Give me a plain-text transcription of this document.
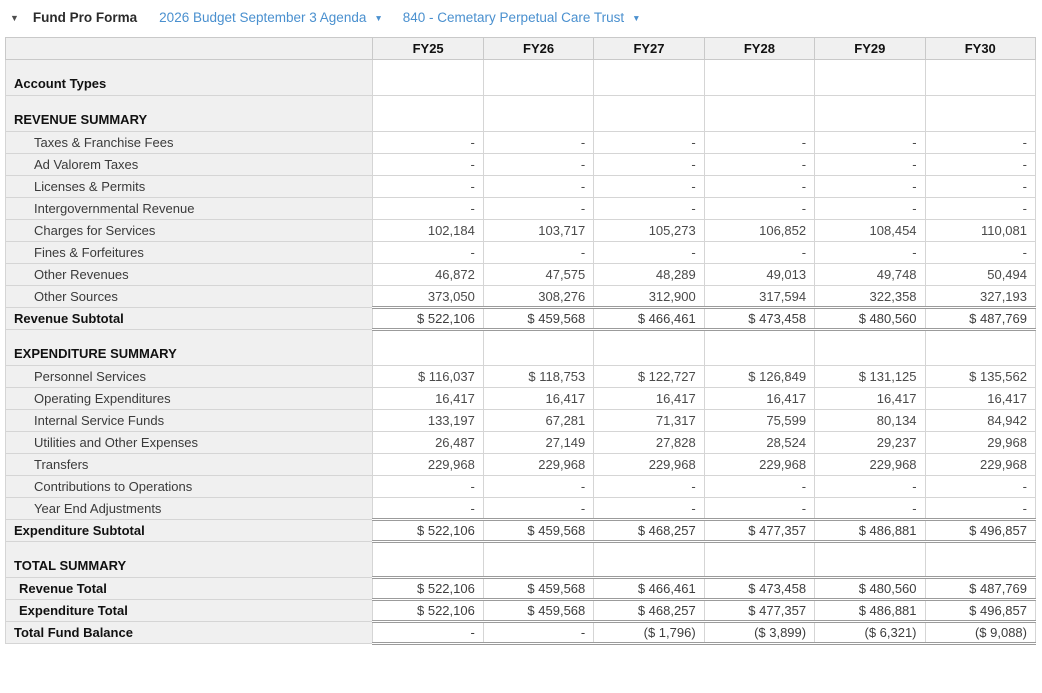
▼ Fund Pro Forma 2026 Budget September 3 Agenda ▼ 840 - Cemetary Perpetual Care Trust ▼
	FY25	FY26	FY27	FY28	FY29	FY30
Account Types						
REVENUE SUMMARY						
Taxes & Franchise Fees	-	-	-	-	-	-
Ad Valorem Taxes	-	-	-	-	-	-
Licenses & Permits	-	-	-	-	-	-
Intergovernmental Revenue	-	-	-	-	-	-
Charges for Services	102,184	103,717	105,273	106,852	108,454	110,081
Fines & Forfeitures	-	-	-	-	-	-
Other Revenues	46,872	47,575	48,289	49,013	49,748	50,494
Other Sources	373,050	308,276	312,900	317,594	322,358	327,193
Revenue Subtotal	$ 522,106	$ 459,568	$ 466,461	$ 473,458	$ 480,560	$ 487,769
EXPENDITURE SUMMARY						
Personnel Services	$ 116,037	$ 118,753	$ 122,727	$ 126,849	$ 131,125	$ 135,562
Operating Expenditures	16,417	16,417	16,417	16,417	16,417	16,417
Internal Service Funds	133,197	67,281	71,317	75,599	80,134	84,942
Utilities and Other Expenses	26,487	27,149	27,828	28,524	29,237	29,968
Transfers	229,968	229,968	229,968	229,968	229,968	229,968
Contributions to Operations	-	-	-	-	-	-
Year End Adjustments	-	-	-	-	-	-
Expenditure Subtotal	$ 522,106	$ 459,568	$ 468,257	$ 477,357	$ 486,881	$ 496,857
TOTAL SUMMARY						
Revenue Total	$ 522,106	$ 459,568	$ 466,461	$ 473,458	$ 480,560	$ 487,769
Expenditure Total	$ 522,106	$ 459,568	$ 468,257	$ 477,357	$ 486,881	$ 496,857
Total Fund Balance	-	-	($ 1,796)	($ 3,899)	($ 6,321)	($ 9,088)
